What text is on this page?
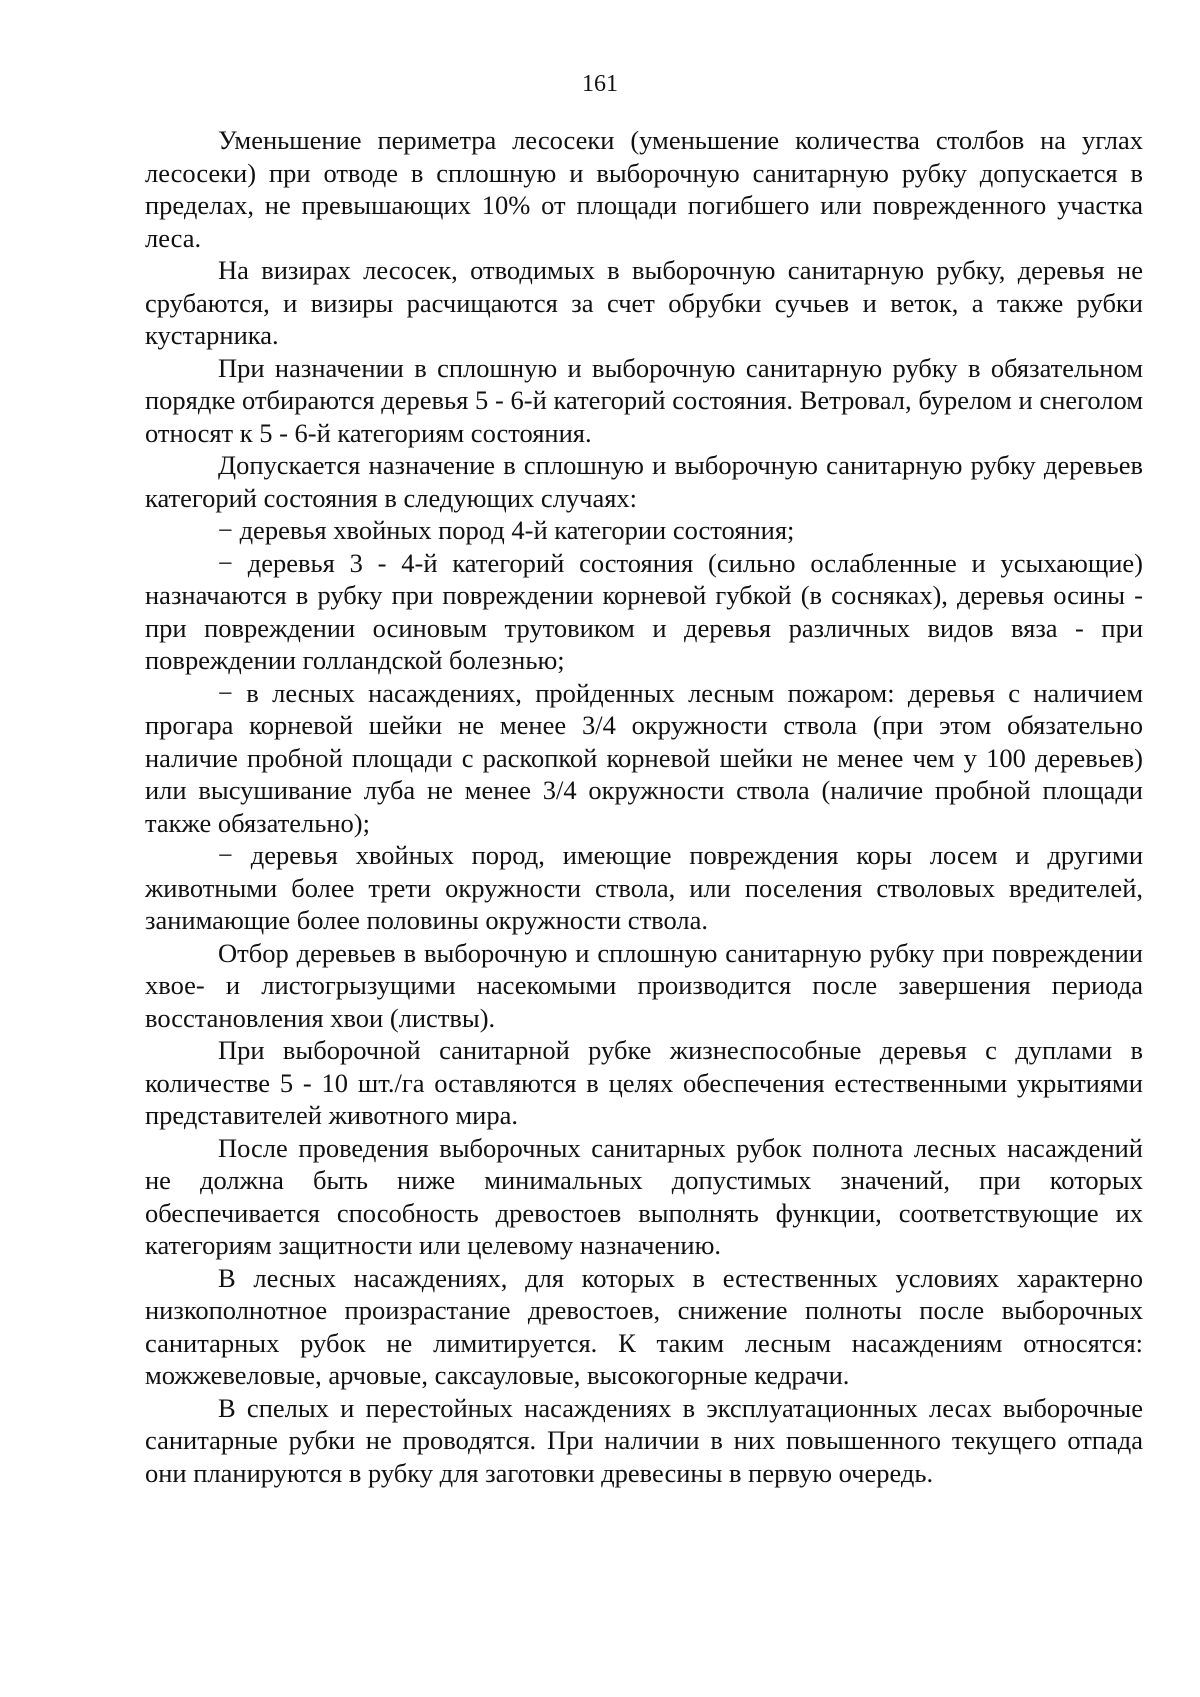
161

Уменьшение периметра лесосеки (уменьшение количества столбов на углах лесосеки) при отводе в сплошную и выборочную санитарную рубку допускается в пределах, не превышающих 10% от площади погибшего или поврежденного участка леса.

На визирах лесосек, отводимых в выборочную санитарную рубку, деревья не срубаются, и визиры расчищаются за счет обрубки сучьев и веток, а также рубки кустарника.

При назначении в сплошную и выборочную санитарную рубку в обязательном порядке отбираются деревья 5 - 6-й категорий состояния. Ветровал, бурелом и снеголом относят к 5 - 6-й категориям состояния.

Допускается назначение в сплошную и выборочную санитарную рубку деревьев категорий состояния в следующих случаях:

− деревья хвойных пород 4-й категории состояния;

− деревья 3 - 4-й категорий состояния (сильно ослабленные и усыхающие) назначаются в рубку при повреждении корневой губкой (в сосняках), деревья осины - при повреждении осиновым трутовиком и деревья различных видов вяза - при повреждении голландской болезнью;

− в лесных насаждениях, пройденных лесным пожаром: деревья с наличием прогара корневой шейки не менее 3/4 окружности ствола (при этом обязательно наличие пробной площади с раскопкой корневой шейки не менее чем у 100 деревьев) или высушивание луба не менее 3/4 окружности ствола (наличие пробной площади также обязательно);

− деревья хвойных пород, имеющие повреждения коры лосем и другими животными более трети окружности ствола, или поселения стволовых вредителей, занимающие более половины окружности ствола.

Отбор деревьев в выборочную и сплошную санитарную рубку при повреждении хвое- и листогрызущими насекомыми производится после завершения периода восстановления хвои (листвы).

При выборочной санитарной рубке жизнеспособные деревья с дуплами в количестве 5 - 10 шт./га оставляются в целях обеспечения естественными укрытиями представителей животного мира.

После проведения выборочных санитарных рубок полнота лесных насаждений не должна быть ниже минимальных допустимых значений, при которых обеспечивается способность древостоев выполнять функции, соответствующие их категориям защитности или целевому назначению.

В лесных насаждениях, для которых в естественных условиях характерно низкополнотное произрастание древостоев, снижение полноты после выборочных санитарных рубок не лимитируется. К таким лесным насаждениям относятся: можжевеловые, арчовые, саксауловые, высокогорные кедрачи.

В спелых и перестойных насаждениях в эксплуатационных лесах выборочные санитарные рубки не проводятся. При наличии в них повышенного текущего отпада они планируются в рубку для заготовки древесины в первую очередь.
